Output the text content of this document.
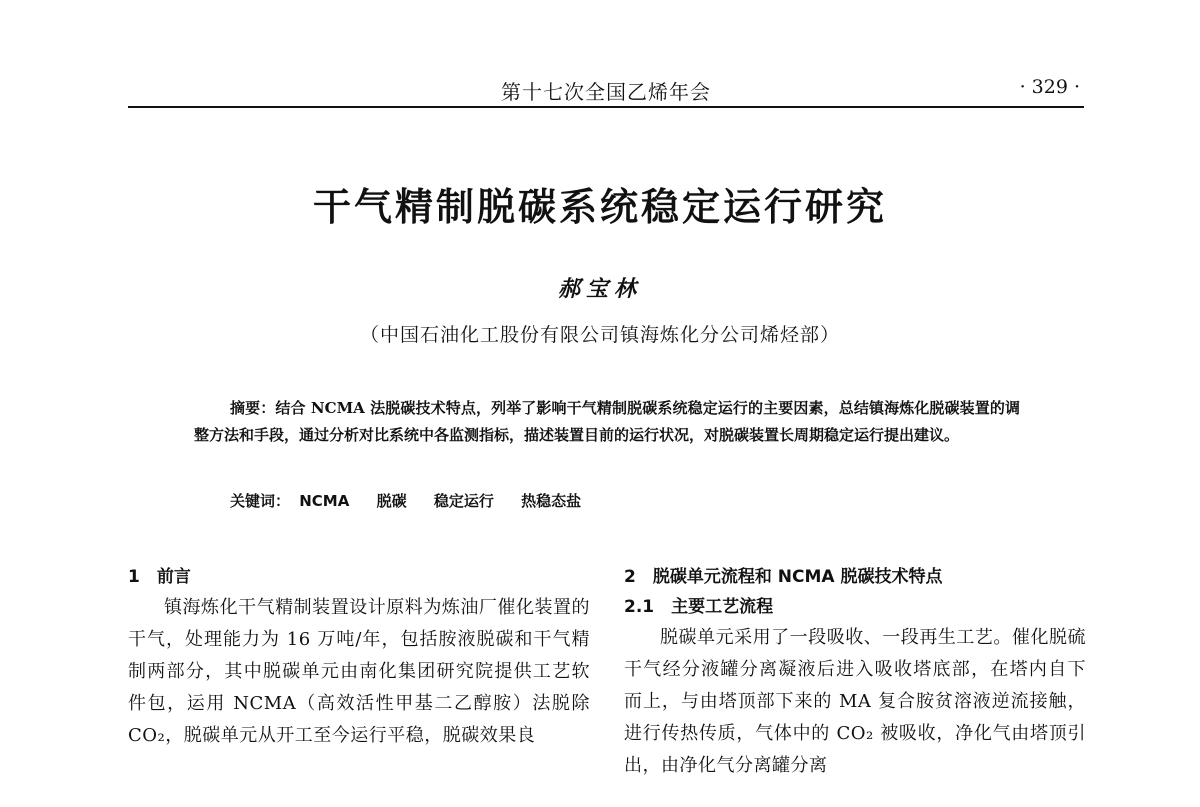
第十七次全国乙烯年会	· 329 ·
干气精制脱碳系统稳定运行研究
郝宝林
（中国石油化工股份有限公司镇海炼化分公司烯烃部）

摘要：结合 NCMA 法脱碳技术特点，列举了影响干气精制脱碳系统稳定运行的主要因素，总结镇海炼化脱碳装置的调整方法和手段，通过分析对比系统中各监测指标，描述装置目前的运行状况，对脱碳装置长周期稳定运行提出建议。

关键词： NCMA 脱碳 稳定运行 热稳态盐
1　前言

镇海炼化干气精制装置设计原料为炼油厂催化装置的干气，处理能力为 16 万吨/年，包括胺液脱碳和干气精制两部分，其中脱碳单元由南化集团研究院提供工艺软件包，运用 NCMA（高效活性甲基二乙醇胺）法脱除 CO₂，脱碳单元从开工至今运行平稳，脱碳效果良

2　脱碳单元流程和 NCMA 脱碳技术特点
2.1　主要工艺流程

脱碳单元采用了一段吸收、一段再生工艺。催化脱硫干气经分液罐分离凝液后进入吸收塔底部，在塔内自下而上，与由塔顶部下来的 MA 复合胺贫溶液逆流接触，进行传热传质，气体中的 CO₂ 被吸收，净化气由塔顶引出，由净化气分离罐分离
